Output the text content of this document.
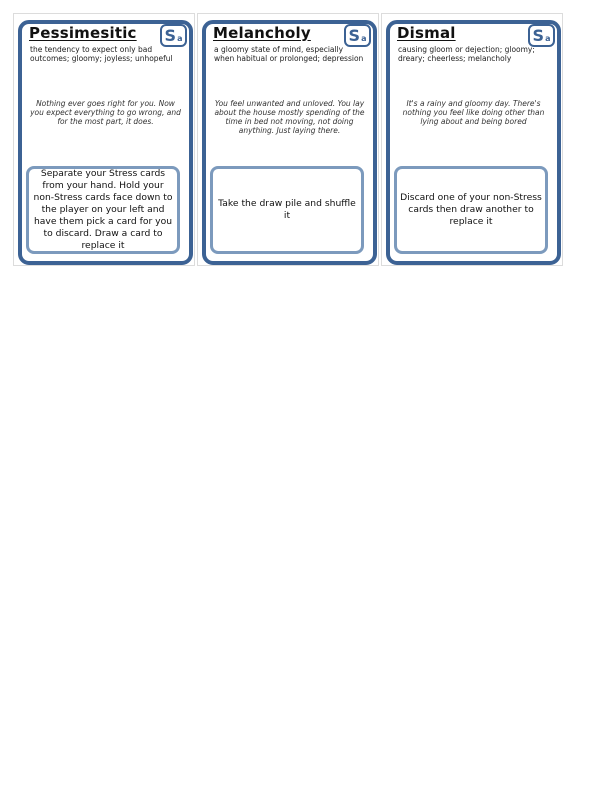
Pessimesitic Sa
the tendency to expect only bad outcomes; gloomy; joyless; unhopeful
Nothing ever goes right for you. Now you expect everything to go wrong, and for the most part, it does.
Separate your Stress cards from your hand. Hold your non-Stress cards face down to the player on your left and have them pick a card for you to discard. Draw a card to replace it
Melancholy Sa
a gloomy state of mind, especially when habitual or prolonged; depression
You feel unwanted and unloved. You lay about the house mostly spending of the time in bed not moving, not doing anything. Just laying there.
Take the draw pile and shuffle it
Dismal	Sa
causing gloom or dejection; gloomy; dreary; cheerless; melancholy
It's a rainy and gloomy day. There's nothing you feel like doing other than lying about and being bored
Discard one of your non-Stress cards then draw another to replace it
